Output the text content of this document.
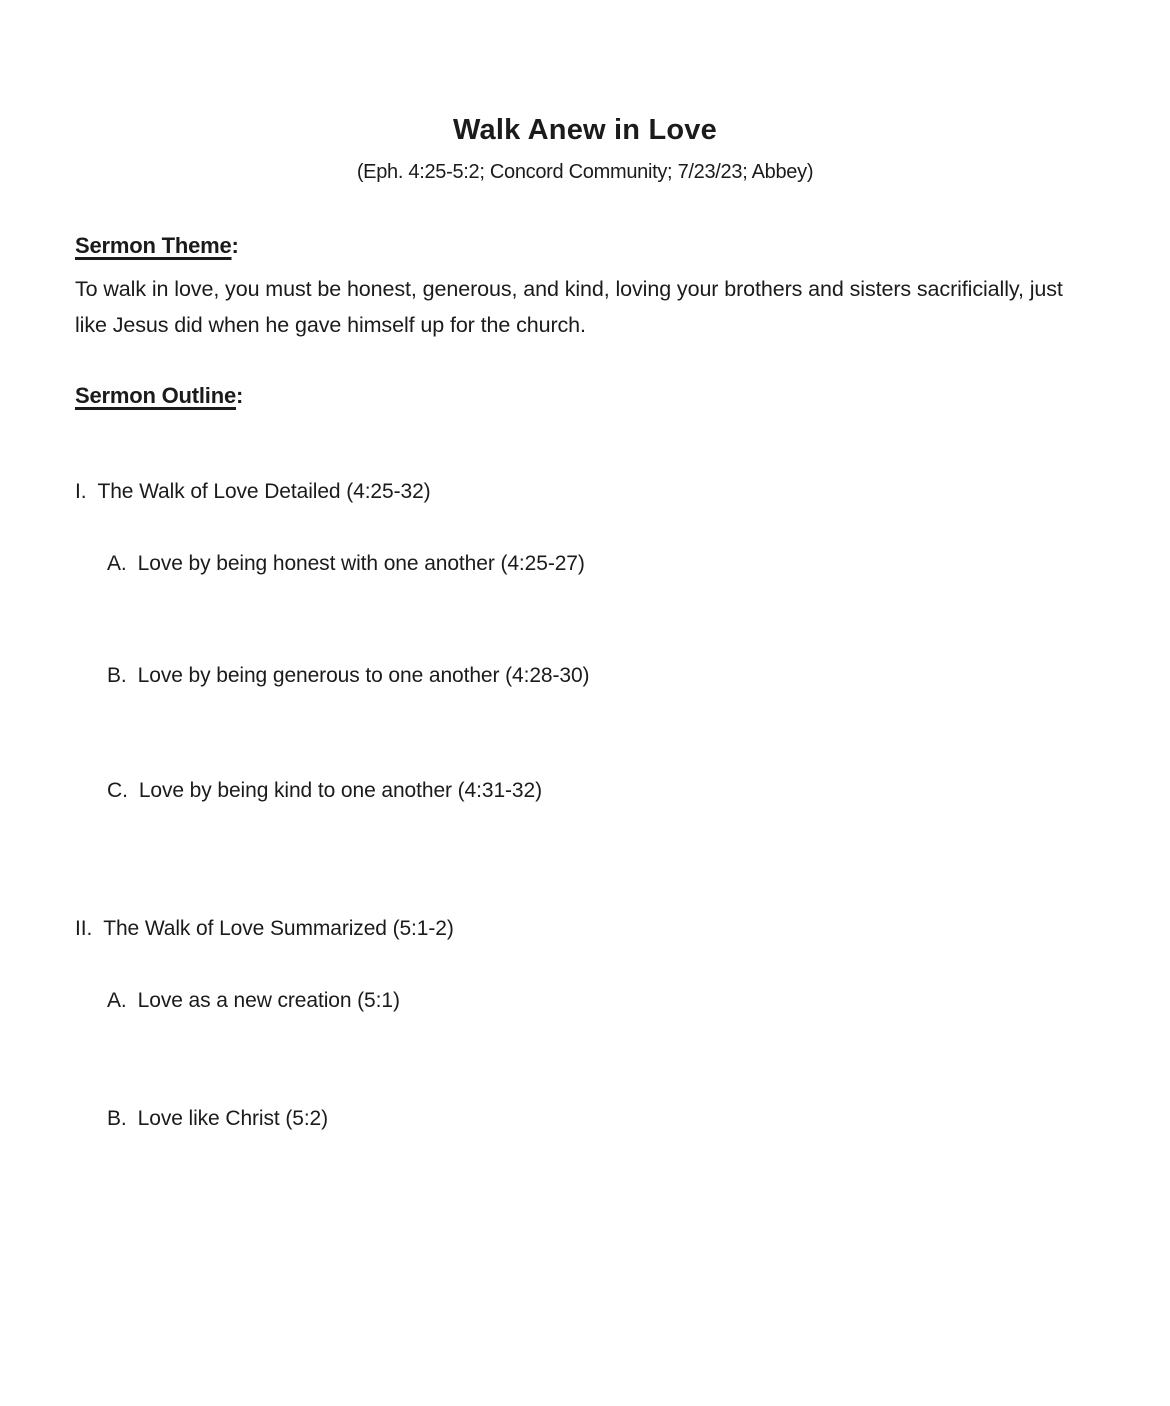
Walk Anew in Love
(Eph. 4:25-5:2; Concord Community; 7/23/23; Abbey)
Sermon Theme:
To walk in love, you must be honest, generous, and kind, loving your brothers and sisters sacrificially, just like Jesus did when he gave himself up for the church.
Sermon Outline:
I. The Walk of Love Detailed (4:25-32)
A. Love by being honest with one another (4:25-27)
B. Love by being generous to one another (4:28-30)
C. Love by being kind to one another (4:31-32)
II. The Walk of Love Summarized (5:1-2)
A. Love as a new creation (5:1)
B. Love like Christ (5:2)
